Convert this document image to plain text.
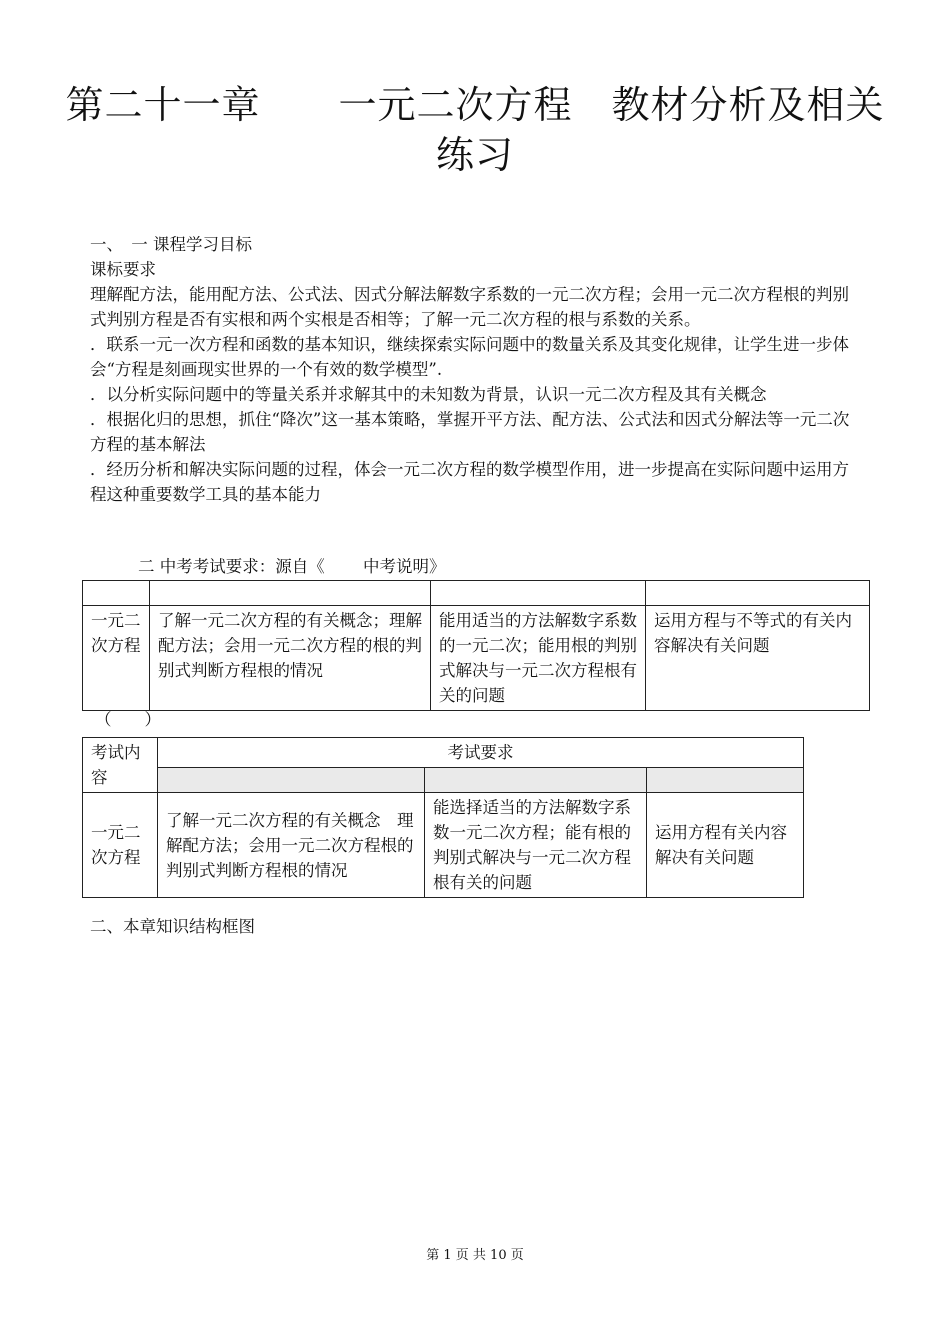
第二十一章　　一元二次方程　教材分析及相关练习
一、　一 课程学习目标
课标要求

理解配方法，能用配方法、公式法、因式分解法解数字系数的一元二次方程；会用一元二次方程根的判别式判别方程是否有实根和两个实根是否相等；了解一元二次方程的根与系数的关系。

．联系一元一次方程和函数的基本知识，继续探索实际问题中的数量关系及其变化规律，让学生进一步体会“方程是刻画现实世界的一个有效的数学模型”.

．以分析实际问题中的等量关系并求解其中的未知数为背景，认识一元二次方程及其有关概念

．根据化归的思想，抓住“降次”这一基本策略，掌握开平方法、配方法、公式法和因式分解法等一元二次方程的基本解法

．经历分析和解决实际问题的过程，体会一元二次方程的数学模型作用，进一步提高在实际问题中运用方程这种重要数学工具的基本能力

二 中考考试要求：源自《　　 中考说明》

一元二次方程	了解一元二次方程的有关概念；理解配方法；会用一元二次方程的根的判别式判断方程根的情况	能用适当的方法解数字系数的一元二次；能用根的判别式解决与一元二次方程根有关的问题	运用方程与不等式的有关内容解决有关问题
（　　）
考试内容	考试要求		

一元二次方程	了解一元二次方程的有关概念　理解配方法；会用一元二次方程根的判别式判断方程根的情况	能选择适当的方法解数字系数一元二次方程；能有根的判别式解决与一元二次方程根有关的问题	运用方程有关内容解决有关问题
二、本章知识结构框图
第 1 页 共 10 页
